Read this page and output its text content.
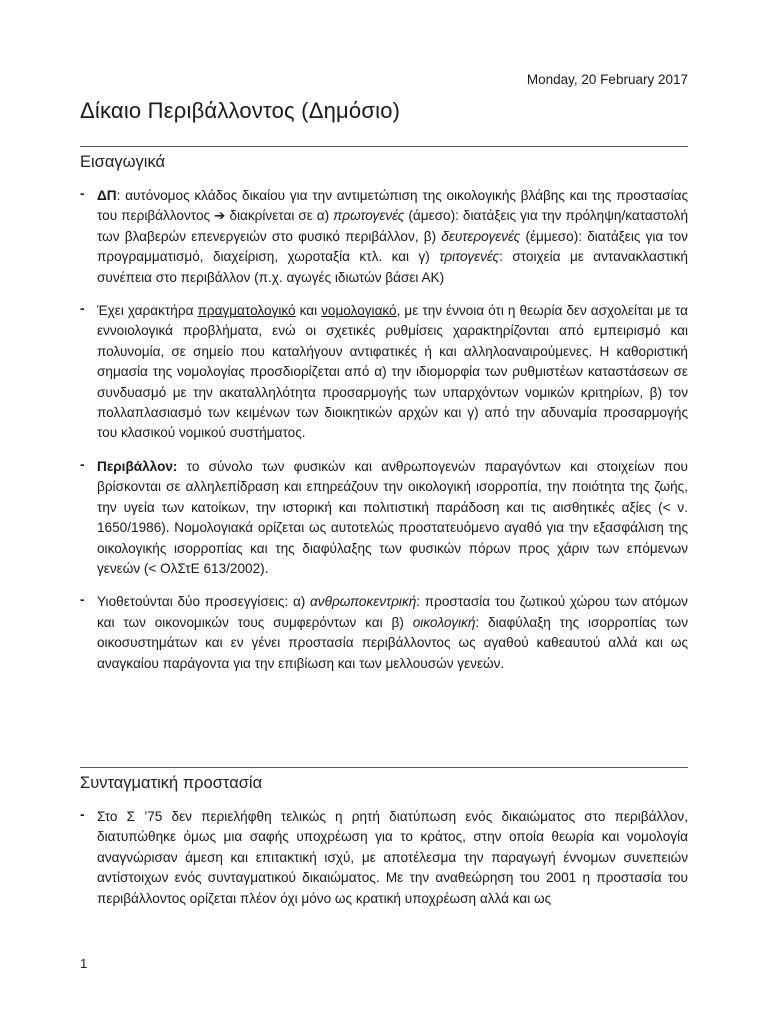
Monday, 20 February 2017
Δίκαιο Περιβάλλοντος (Δημόσιο)
Εισαγωγικά
- ΔΠ: αυτόνομος κλάδος δικαίου για την αντιμετώπιση της οικολογικής βλάβης και της προστασίας του περιβάλλοντος ➔ διακρίνεται σε α) πρωτογενές (άμεσο): διατάξεις για την πρόληψη/καταστολή των βλαβερών επενεργειών στο φυσικό περιβάλλον, β) δευτερογενές (έμμεσο): διατάξεις για τον προγραμματισμό, διαχείριση, χωροταξία κτλ. και γ) τριτογενές: στοιχεία με αντανακλαστική συνέπεια στο περιβάλλον (π.χ. αγωγές ιδιωτών βάσει ΑΚ)
- Έχει χαρακτήρα πραγματολογικό και νομολογιακό, με την έννοια ότι η θεωρία δεν ασχολείται με τα εννοιολογικά προβλήματα, ενώ οι σχετικές ρυθμίσεις χαρακτηρίζονται από εμπειρισμό και πολυνομία, σε σημείο που καταλήγουν αντιφατικές ή και αλληλοαναιρούμενες. Η καθοριστική σημασία της νομολογίας προσδιορίζεται από α) την ιδιομορφία των ρυθμιστέων καταστάσεων σε συνδυασμό με την ακαταλληλότητα προσαρμογής των υπαρχόντων νομικών κριτηρίων, β) τον πολλαπλασιασμό των κειμένων των διοικητικών αρχών και γ) από την αδυναμία προσαρμογής του κλασικού νομικού συστήματος.
- Περιβάλλον: το σύνολο των φυσικών και ανθρωπογενών παραγόντων και στοιχείων που βρίσκονται σε αλληλεπίδραση και επηρεάζουν την οικολογική ισορροπία, την ποιότητα της ζωής, την υγεία των κατοίκων, την ιστορική και πολιτιστική παράδοση και τις αισθητικές αξίες (< ν. 1650/1986). Νομολογιακά ορίζεται ως αυτοτελώς προστατευόμενο αγαθό για την εξασφάλιση της οικολογικής ισορροπίας και της διαφύλαξης των φυσικών πόρων προς χάριν των επόμενων γενεών (< ΟλΣτΕ 613/2002).
- Υιοθετούνται δύο προσεγγίσεις: α) ανθρωποκεντρική: προστασία του ζωτικού χώρου των ατόμων και των οικονομικών τους συμφερόντων και β) οικολογική: διαφύλαξη της ισορροπίας των οικοσυστημάτων και εν γένει προστασία περιβάλλοντος ως αγαθού καθεαυτού αλλά και ως αναγκαίου παράγοντα για την επιβίωση και των μελλουσών γενεών.
Συνταγματική προστασία
- Στο Σ ’75 δεν περιελήφθη τελικώς η ρητή διατύπωση ενός δικαιώματος στο περιβάλλον, διατυπώθηκε όμως μια σαφής υποχρέωση για το κράτος, στην οποία θεωρία και νομολογία αναγνώρισαν άμεση και επιτακτική ισχύ, με αποτέλεσμα την παραγωγή έννομων συνεπειών αντίστοιχων ενός συνταγματικού δικαιώματος. Με την αναθεώρηση του 2001 η προστασία του περιβάλλοντος ορίζεται πλέον όχι μόνο ως κρατική υποχρέωση αλλά και ως
1
